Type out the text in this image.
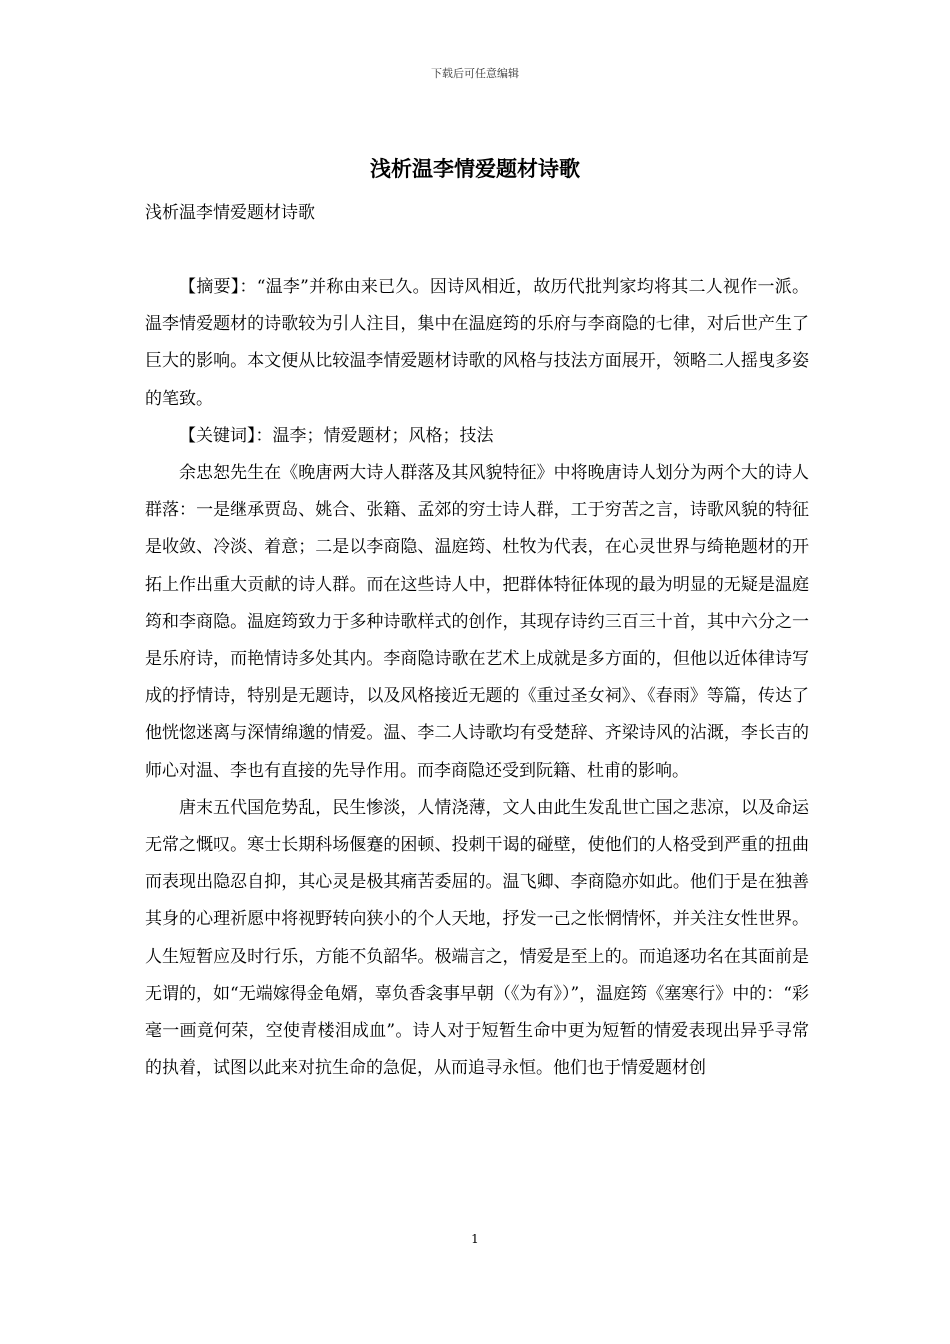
下载后可任意编辑
浅析温李情爱题材诗歌
浅析温李情爱题材诗歌

【摘要】：“温李”并称由来已久。因诗风相近，故历代批判家均将其二人视作一派。温李情爱题材的诗歌较为引人注目，集中在温庭筠的乐府与李商隐的七律，对后世产生了巨大的影响。本文便从比较温李情爱题材诗歌的风格与技法方面展开，领略二人摇曳多姿的笔致。

【关键词】：温李；情爱题材；风格；技法

余忠恕先生在《晚唐两大诗人群落及其风貌特征》中将晚唐诗人划分为两个大的诗人群落：一是继承贾岛、姚合、张籍、孟郊的穷士诗人群，工于穷苦之言，诗歌风貌的特征是收敛、冷淡、着意；二是以李商隐、温庭筠、杜牧为代表，在心灵世界与绮艳题材的开拓上作出重大贡献的诗人群。而在这些诗人中，把群体特征体现的最为明显的无疑是温庭筠和李商隐。温庭筠致力于多种诗歌样式的创作，其现存诗约三百三十首，其中六分之一是乐府诗，而艳情诗多处其内。李商隐诗歌在艺术上成就是多方面的，但他以近体律诗写成的抒情诗，特别是无题诗，以及风格接近无题的《重过圣女祠》、《春雨》等篇，传达了他恍惚迷离与深情绵邈的情爱。温、李二人诗歌均有受楚辞、齐梁诗风的沾溉，李长吉的师心对温、李也有直接的先导作用。而李商隐还受到阮籍、杜甫的影响。

唐末五代国危势乱，民生惨淡，人情浇薄，文人由此生发乱世亡国之悲凉，以及命运无常之慨叹。寒士长期科场偃蹇的困顿、投刺干谒的碰壁，使他们的人格受到严重的扭曲而表现出隐忍自抑，其心灵是极其痛苦委屈的。温飞卿、李商隐亦如此。他们于是在独善其身的心理祈愿中将视野转向狭小的个人天地，抒发一己之怅惘情怀，并关注女性世界。人生短暂应及时行乐，方能不负韶华。极端言之，情爱是至上的。而追逐功名在其面前是无谓的，如“无端嫁得金龟婿，辜负香衾事早朝（《为有》）”，温庭筠《塞寒行》中的：“彩毫一画竟何荣，空使青楼泪成血”。诗人对于短暂生命中更为短暂的情爱表现出异乎寻常的执着，试图以此来对抗生命的急促，从而追寻永恒。他们也于情爱题材创

1
